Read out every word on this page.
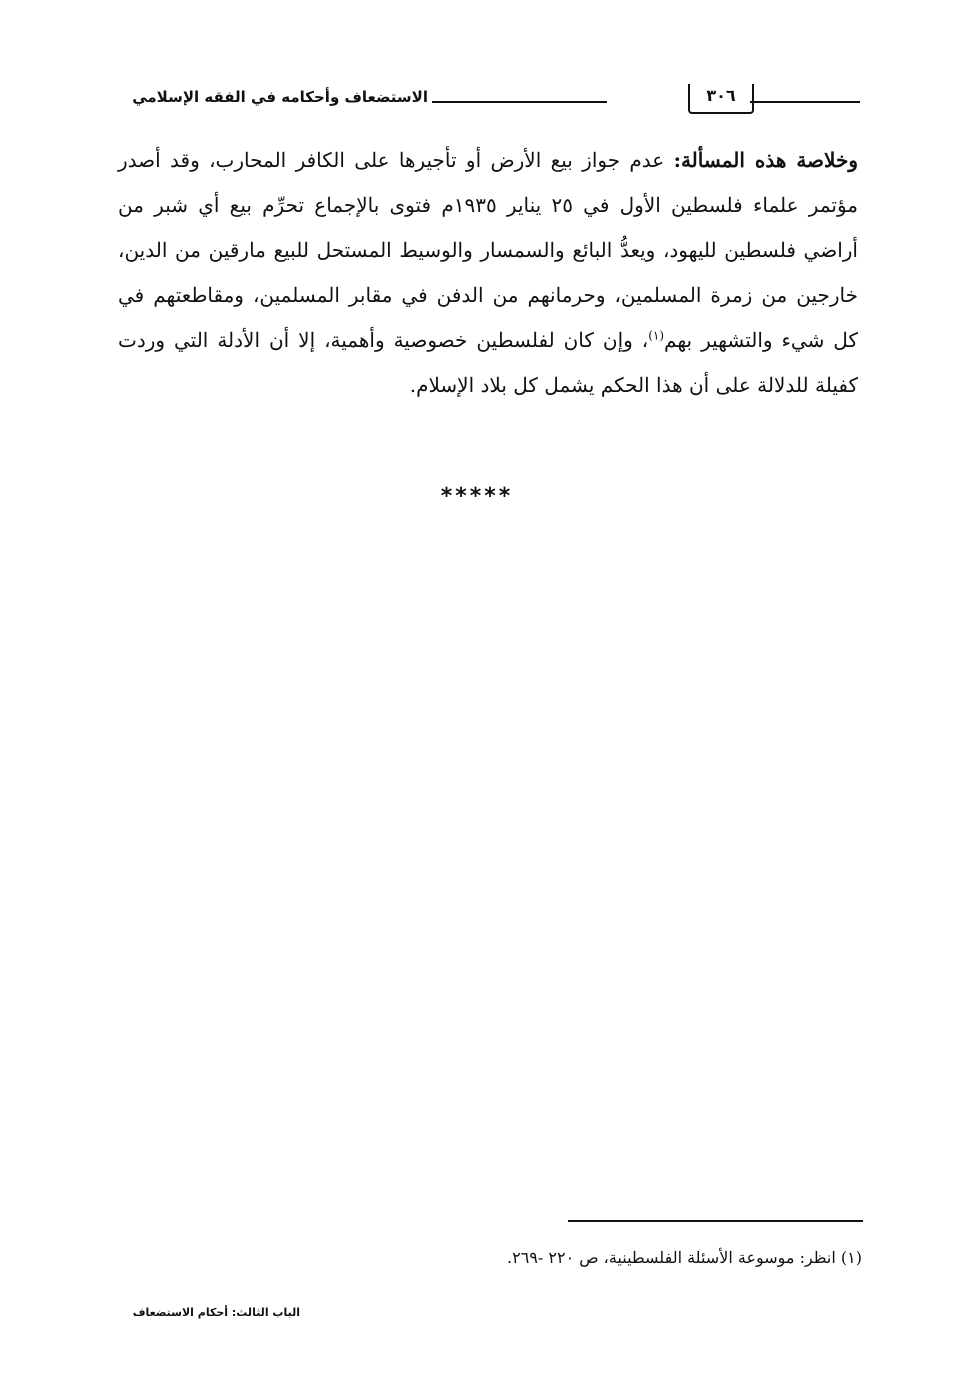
الاستضعاف وأحكامه في الفقه الإسلامي	٣٠٦
وخلاصة هذه المسألة: عدم جواز بيع الأرض أو تأجيرها على الكافر المحارب، وقد أصدر مؤتمر علماء فلسطين الأول في ٢٥ يناير ١٩٣٥م فتوى بالإجماع تحرِّم بيع أي شبر من أراضي فلسطين لليهود، ويعدُّ البائع والسمسار والوسيط المستحل للبيع مارقين من الدين، خارجين من زمرة المسلمين، وحرمانهم من الدفن في مقابر المسلمين، ومقاطعتهم في كل شيء والتشهير بهم$^{(١)}$، وإن كان لفلسطين خصوصية وأهمية، إلا أن الأدلة التي وردت كفيلة للدلالة على أن هذا الحكم يشمل كل بلاد الإسلام.
*****
(١) انظر: موسوعة الأسئلة الفلسطينية، ص ٢٢٠ -٢٦٩.
الباب الثالث: أحكام الاستضعاف
